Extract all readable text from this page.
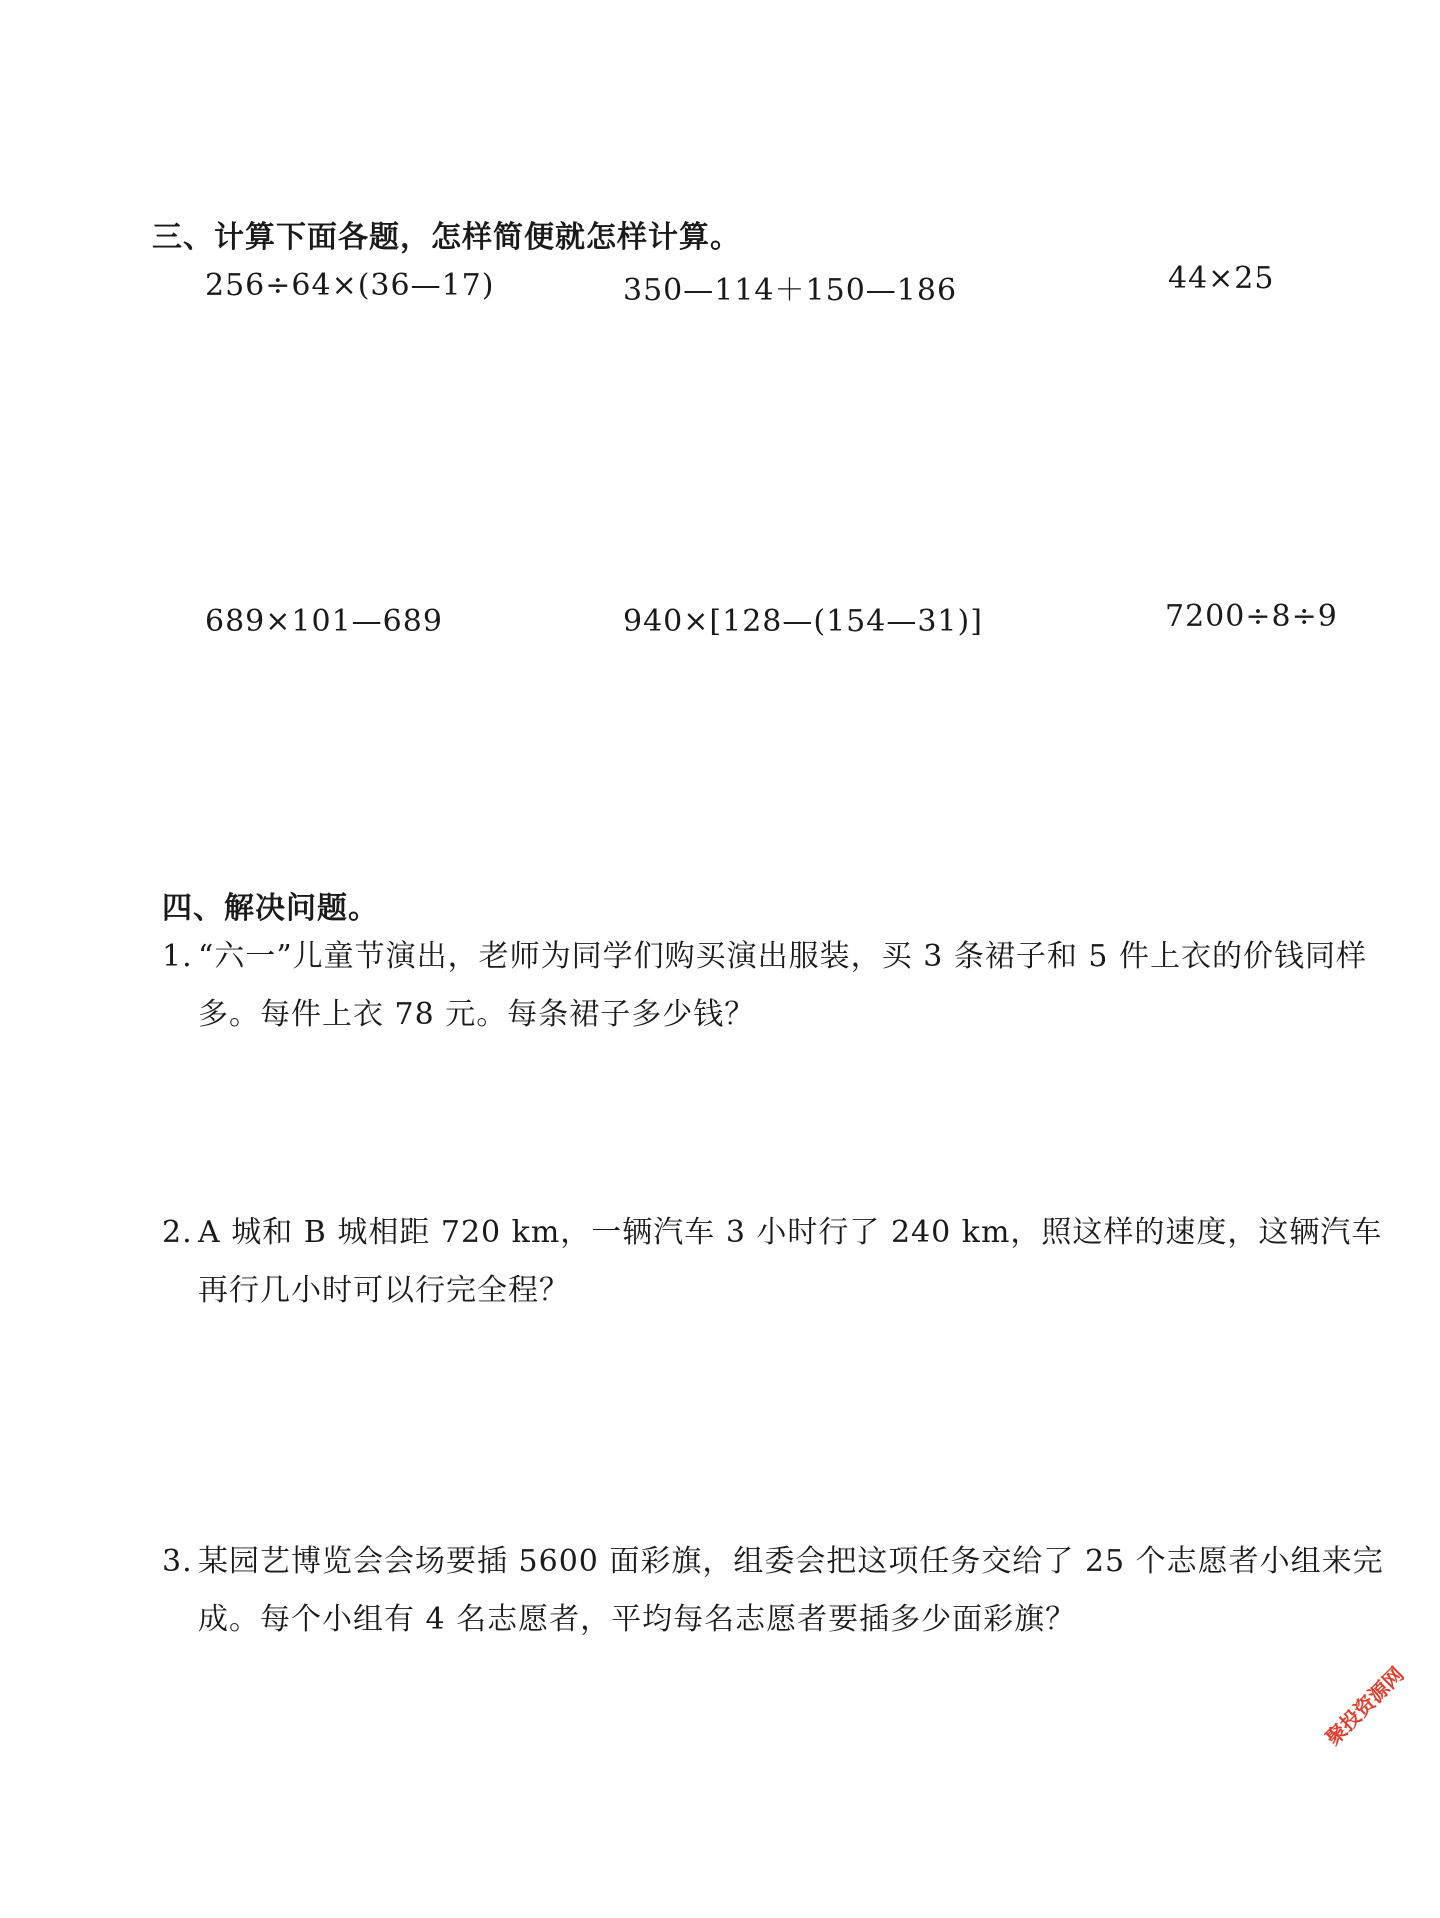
三、计算下面各题，怎样简便就怎样计算。
256÷64×(36—17)	350—114＋150—186	44×25
689×101—689	940×[128—(154—31)]	7200÷8÷9
四、解决问题。
1. “六一”儿童节演出，老师为同学们购买演出服装，买 3 条裙子和 5 件上衣的价钱同样多。每件上衣 78 元。每条裙子多少钱？
2. A 城和 B 城相距 720 km，一辆汽车 3 小时行了 240 km，照这样的速度，这辆汽车再行几小时可以行完全程？
3. 某园艺博览会会场要插 5600 面彩旗，组委会把这项任务交给了 25 个志愿者小组来完成。每个小组有 4 名志愿者，平均每名志愿者要插多少面彩旗？
聚投资源网
